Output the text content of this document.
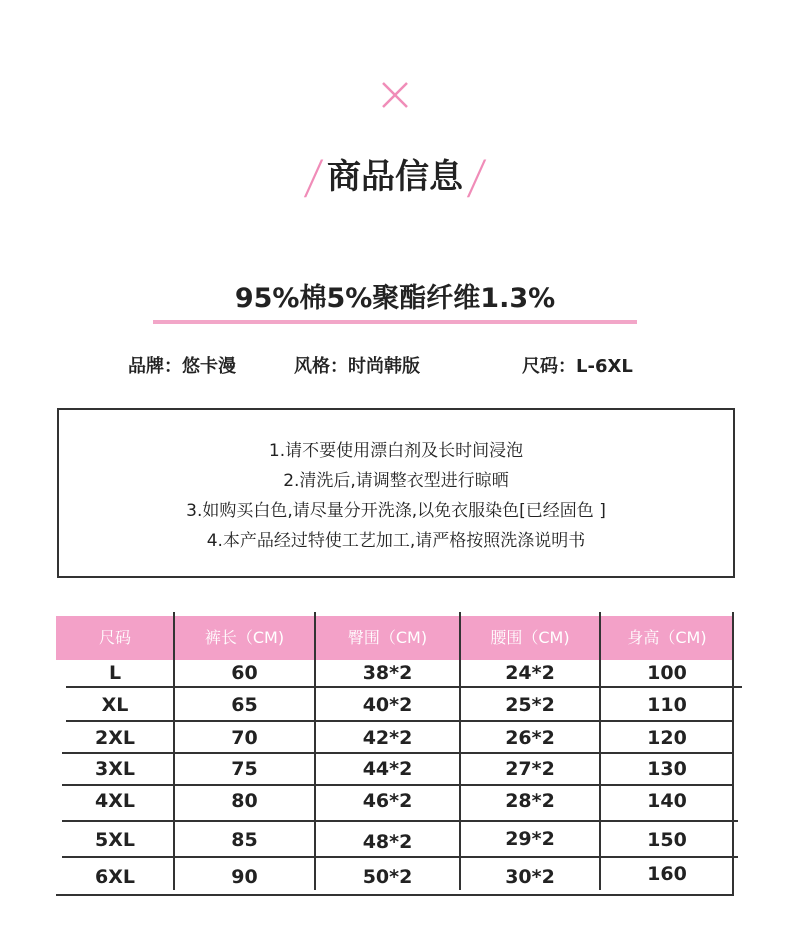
/商品信息/
95%棉5%聚酯纤维1.3%
品牌：悠卡漫	风格：时尚韩版	尺码：L-6XL
1.请不要使用漂白剂及长时间浸泡
2.清洗后,请调整衣型进行晾晒
3.如购买白色,请尽量分开洗涤,以免衣服染色[已经固色 ]
4.本产品经过特使工艺加工,请严格按照洗涤说明书
尺码	裤长（CM)	臀围（CM)	腰围（CM)	身高（CM)
L	60	38*2	24*2	100
XL	65	40*2	25*2	110
2XL	70	42*2	26*2	120
3XL	75	44*2	27*2	130
4XL	80	46*2	28*2	140
5XL	85	48*2	29*2	150
6XL	90	50*2	30*2	160
